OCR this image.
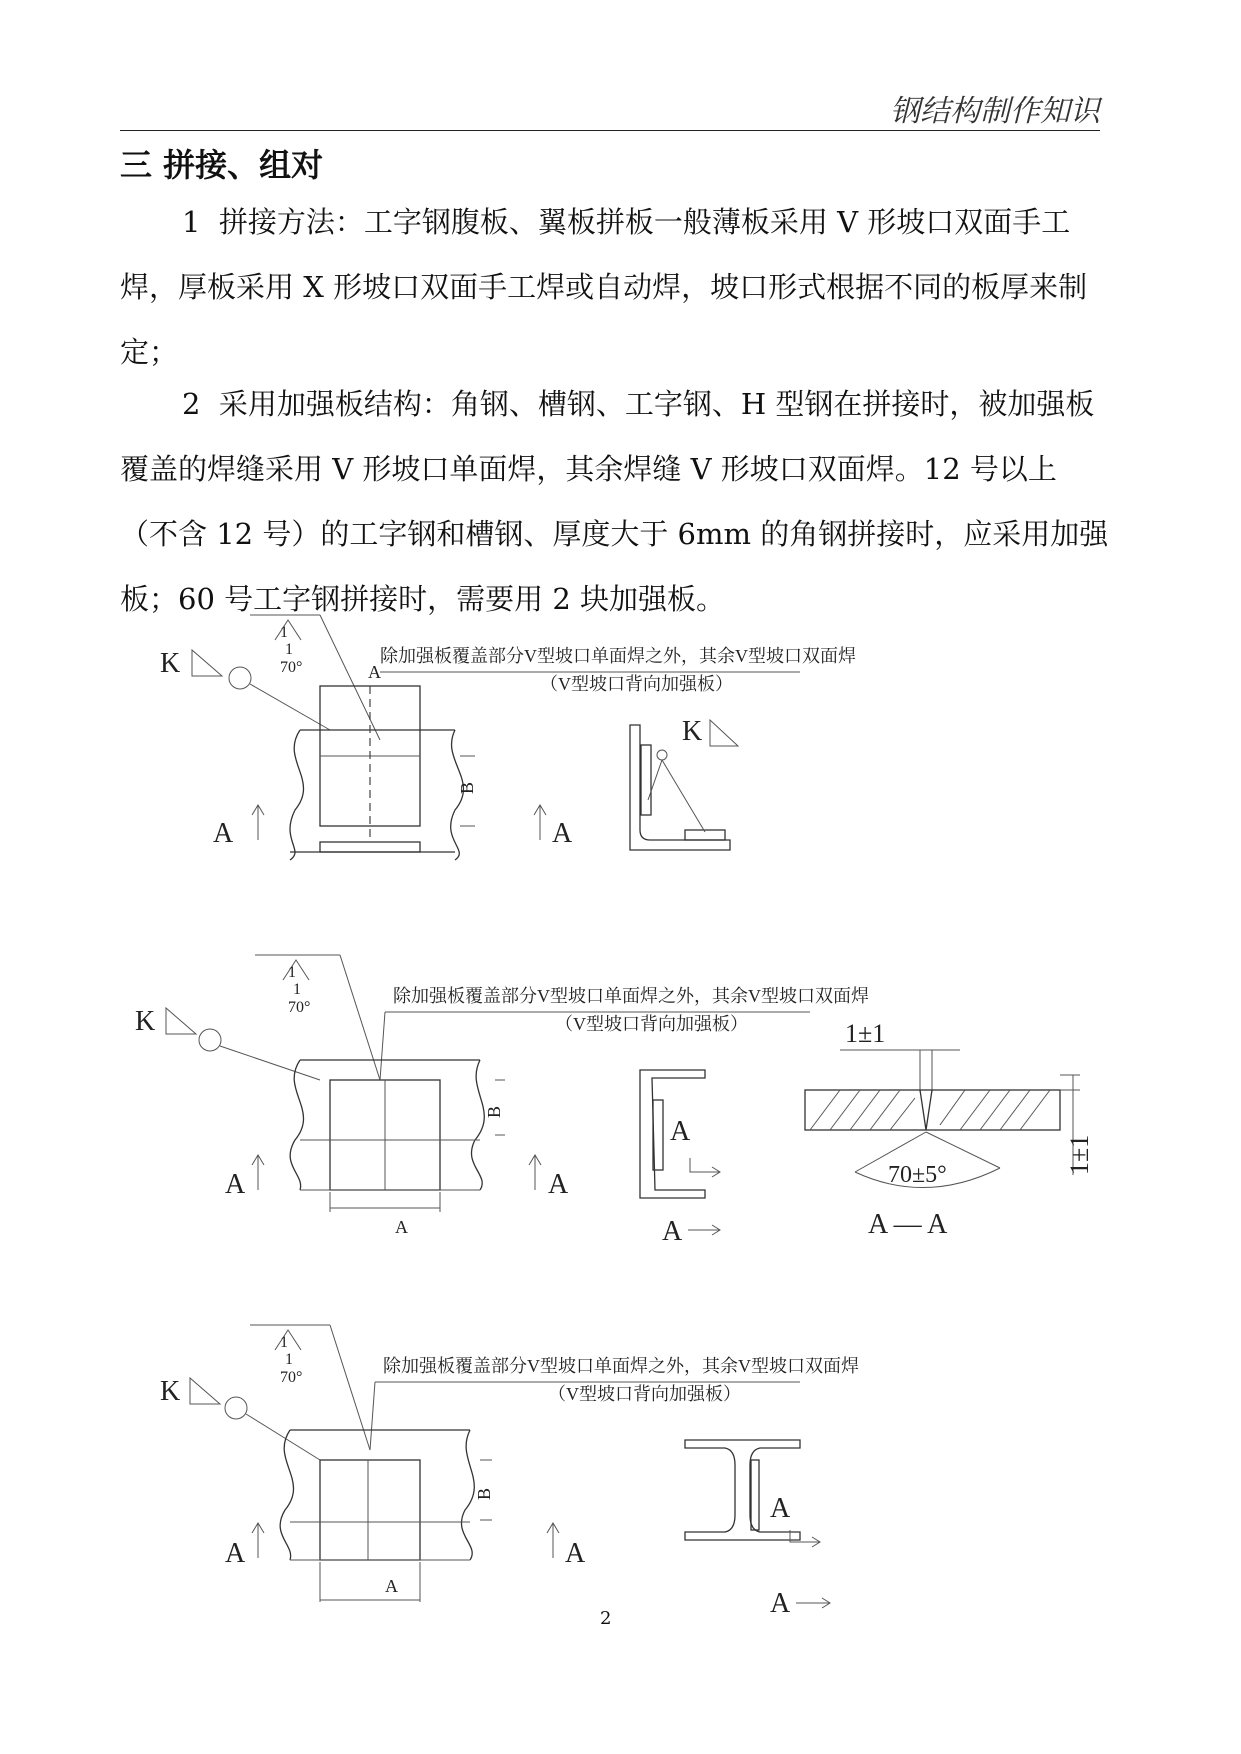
钢结构制作知识
三 拼接、组对
1 拼接方法：工字钢腹板、翼板拼板一般薄板采用 V 形坡口双面手工焊，厚板采用 X 形坡口双面手工焊或自动焊，坡口形式根据不同的板厚来制定；
2 采用加强板结构：角钢、槽钢、工字钢、H 型钢在拼接时，被加强板覆盖的焊缝采用 V 形坡口单面焊，其余焊缝 V 形坡口双面焊。12 号以上（不含 12 号）的工字钢和槽钢、厚度大于 6mm 的角钢拼接时，应采用加强板；60 号工字钢拼接时，需要用 2 块加强板。
1
1
70°
除加强板覆盖部分V型坡口单面焊之外，其余V型坡口双面焊
（V型坡口背向加强板）
K	A
B
A	A
K
1
1
70°
除加强板覆盖部分V型坡口单面焊之外，其余V型坡口双面焊
（V型坡口背向加强板）
K
A
B
A	A
A
A
1±1
1±1
70±5°
A — A
1
1
70°
除加强板覆盖部分V型坡口单面焊之外，其余V型坡口双面焊
（V型坡口背向加强板）
K
A
B
A	A
A
A
2
